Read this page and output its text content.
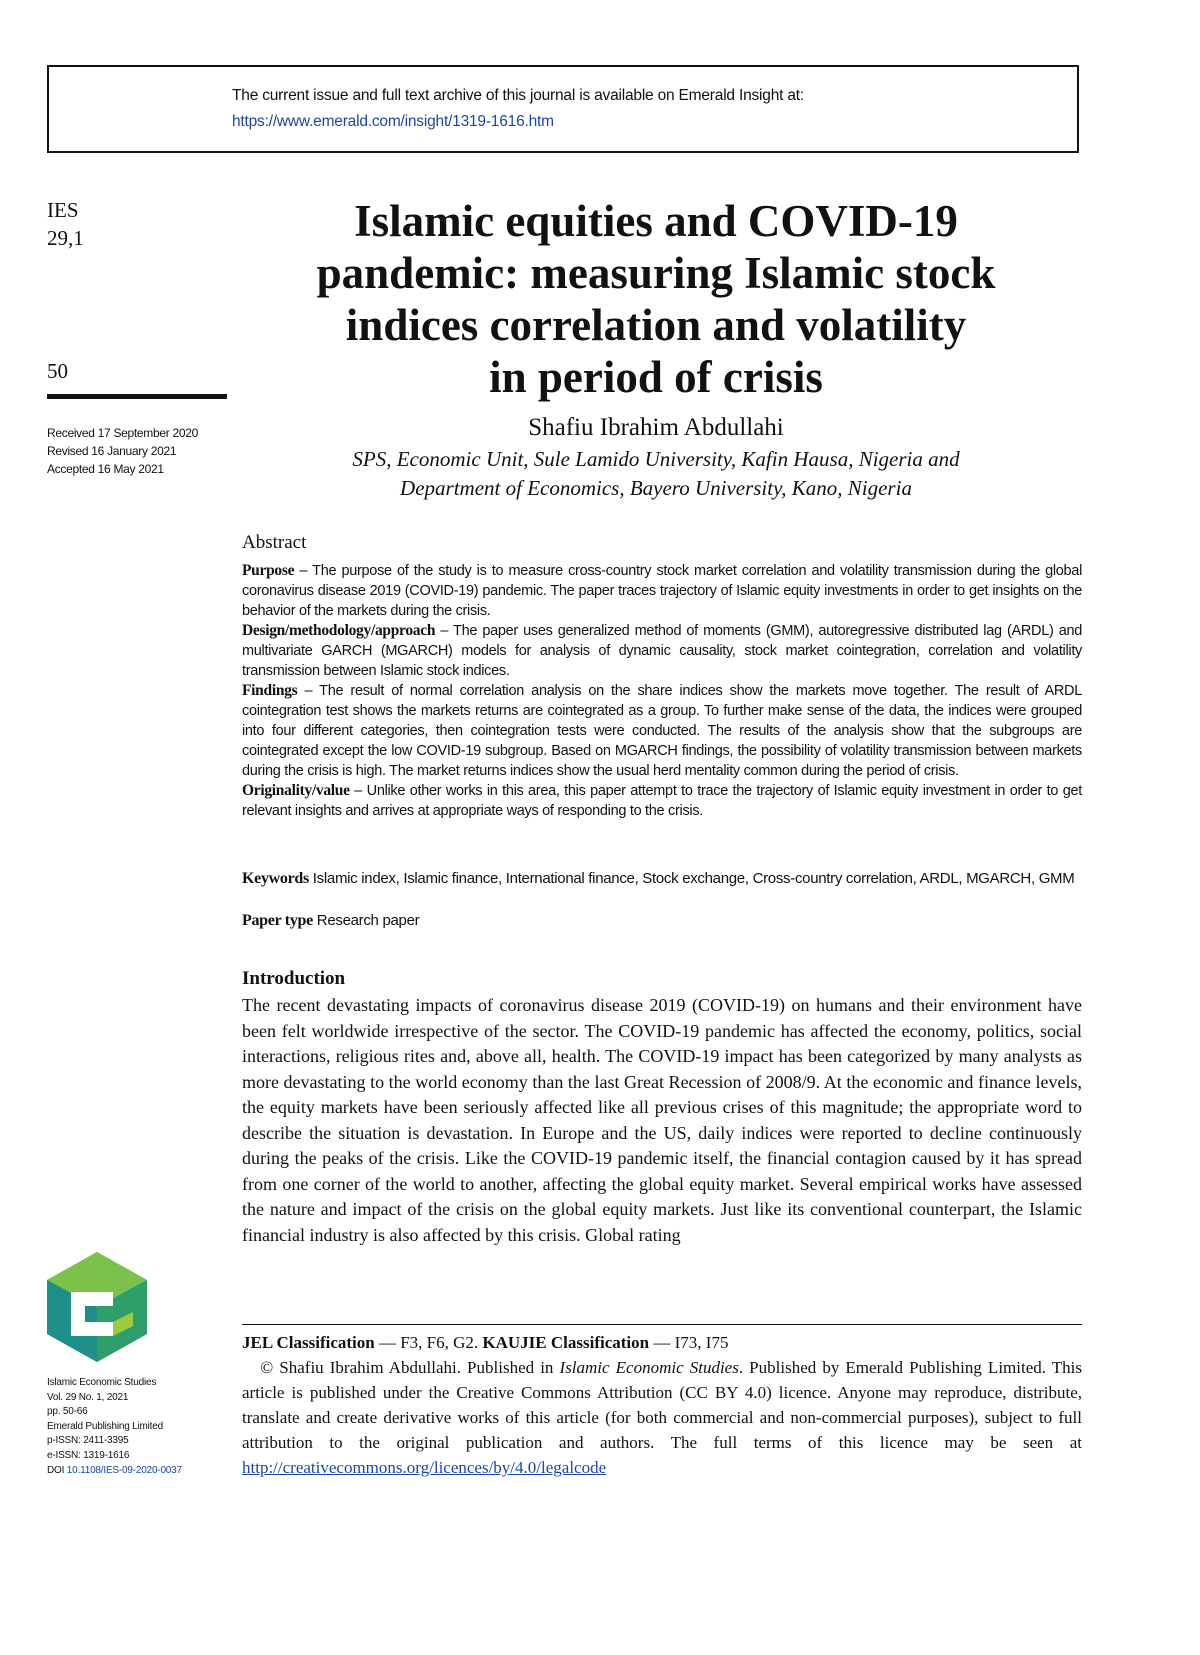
The current issue and full text archive of this journal is available on Emerald Insight at:
https://www.emerald.com/insight/1319-1616.htm
IES
29,1
50
Received 17 September 2020
Revised 16 January 2021
Accepted 16 May 2021
Islamic equities and COVID-19
pandemic: measuring Islamic stock
indices correlation and volatility
in period of crisis
Shafiu Ibrahim Abdullahi
SPS, Economic Unit, Sule Lamido University, Kafin Hausa, Nigeria and
Department of Economics, Bayero University, Kano, Nigeria
Abstract

Purpose – The purpose of the study is to measure cross-country stock market correlation and volatility transmission during the global coronavirus disease 2019 (COVID-19) pandemic. The paper traces trajectory of Islamic equity investments in order to get insights on the behavior of the markets during the crisis.

Design/methodology/approach – The paper uses generalized method of moments (GMM), autoregressive distributed lag (ARDL) and multivariate GARCH (MGARCH) models for analysis of dynamic causality, stock market cointegration, correlation and volatility transmission between Islamic stock indices.

Findings – The result of normal correlation analysis on the share indices show the markets move together. The result of ARDL cointegration test shows the markets returns are cointegrated as a group. To further make sense of the data, the indices were grouped into four different categories, then cointegration tests were conducted. The results of the analysis show that the subgroups are cointegrated except the low COVID-19 subgroup. Based on MGARCH findings, the possibility of volatility transmission between markets during the crisis is high. The market returns indices show the usual herd mentality common during the period of crisis.

Originality/value – Unlike other works in this area, this paper attempt to trace the trajectory of Islamic equity investment in order to get relevant insights and arrives at appropriate ways of responding to the crisis.

Keywords Islamic index, Islamic finance, International finance, Stock exchange, Cross-country correlation, ARDL, MGARCH, GMM
Paper type Research paper
Introduction
The recent devastating impacts of coronavirus disease 2019 (COVID-19) on humans and their environment have been felt worldwide irrespective of the sector. The COVID-19 pandemic has affected the economy, politics, social interactions, religious rites and, above all, health. The COVID-19 impact has been categorized by many analysts as more devastating to the world economy than the last Great Recession of 2008/9. At the economic and finance levels, the equity markets have been seriously affected like all previous crises of this magnitude; the appropriate word to describe the situation is devastation. In Europe and the US, daily indices were reported to decline continuously during the peaks of the crisis. Like the COVID-19 pandemic itself, the financial contagion caused by it has spread from one corner of the world to another, affecting the global equity market. Several empirical works have assessed the nature and impact of the crisis on the global equity markets. Just like its conventional counterpart, the Islamic financial industry is also affected by this crisis. Global rating

JEL Classification — F3, F6, G2. KAUJIE Classification — I73, I75

© Shafiu Ibrahim Abdullahi. Published in Islamic Economic Studies. Published by Emerald Publishing Limited. This article is published under the Creative Commons Attribution (CC BY 4.0) licence. Anyone may reproduce, distribute, translate and create derivative works of this article (for both commercial and non-commercial purposes), subject to full attribution to the original publication and authors. The full terms of this licence may be seen at http://creativecommons.org/licences/by/4.0/legalcode

Islamic Economic Studies
Vol. 29 No. 1, 2021
pp. 50-66
Emerald Publishing Limited
p-ISSN: 2411-3395
e-ISSN: 1319-1616
DOI 10.1108/IES-09-2020-0037
